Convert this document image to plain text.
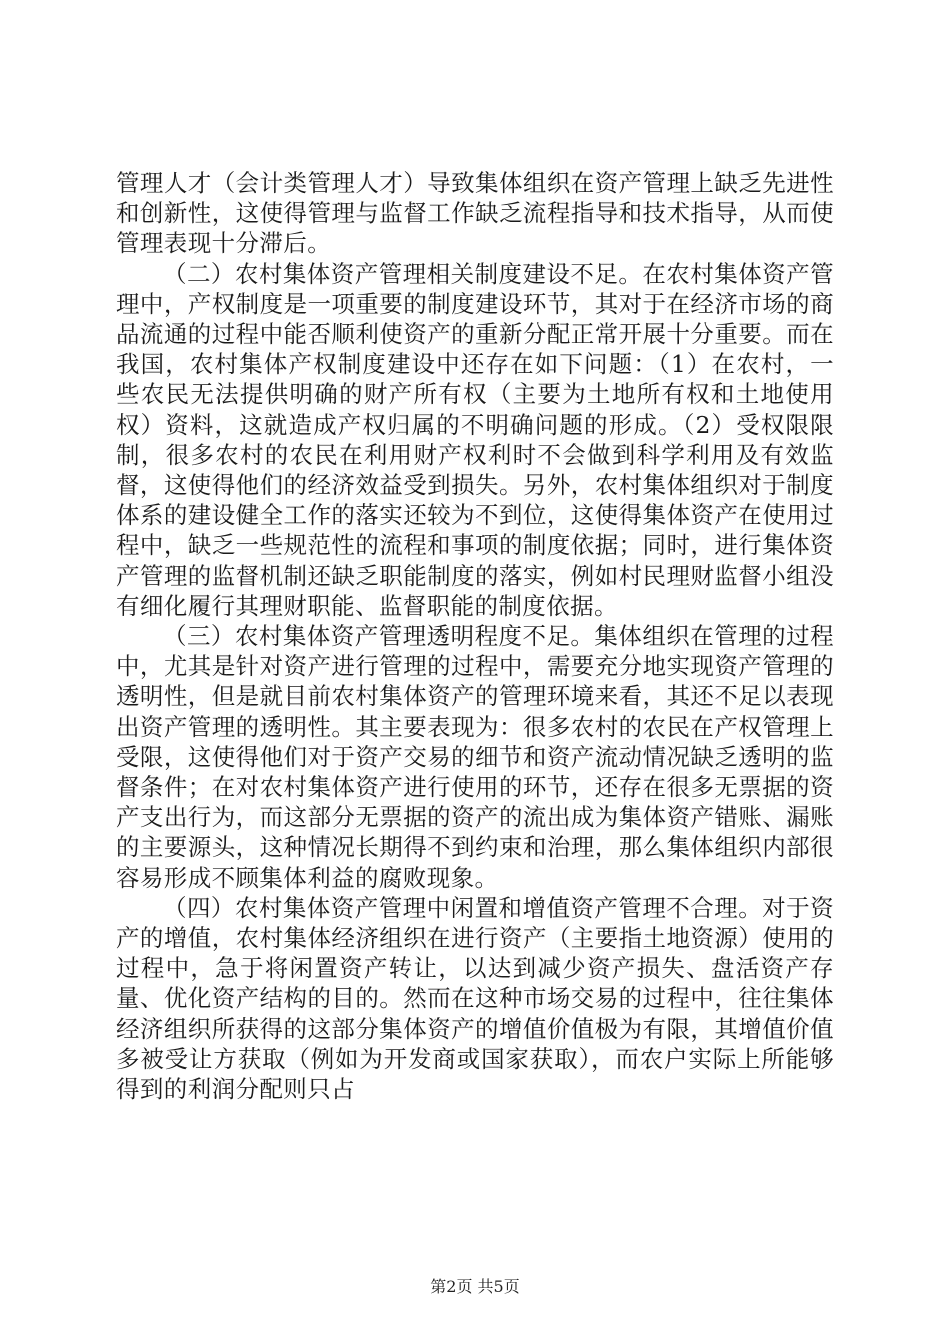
管理人才（会计类管理人才）导致集体组织在资产管理上缺乏先进性和创新性，这使得管理与监督工作缺乏流程指导和技术指导，从而使管理表现十分滞后。

（二）农村集体资产管理相关制度建设不足。在农村集体资产管理中，产权制度是一项重要的制度建设环节，其对于在经济市场的商品流通的过程中能否顺利使资产的重新分配正常开展十分重要。而在我国，农村集体产权制度建设中还存在如下问题：（1）在农村，一些农民无法提供明确的财产所有权（主要为土地所有权和土地使用权）资料，这就造成产权归属的不明确问题的形成。（2）受权限限制，很多农村的农民在利用财产权利时不会做到科学利用及有效监督，这使得他们的经济效益受到损失。另外，农村集体组织对于制度体系的建设健全工作的落实还较为不到位，这使得集体资产在使用过程中，缺乏一些规范性的流程和事项的制度依据；同时，进行集体资产管理的监督机制还缺乏职能制度的落实，例如村民理财监督小组没有细化履行其理财职能、监督职能的制度依据。

（三）农村集体资产管理透明程度不足。集体组织在管理的过程中，尤其是针对资产进行管理的过程中，需要充分地实现资产管理的透明性，但是就目前农村集体资产的管理环境来看，其还不足以表现出资产管理的透明性。其主要表现为：很多农村的农民在产权管理上受限，这使得他们对于资产交易的细节和资产流动情况缺乏透明的监督条件；在对农村集体资产进行使用的环节，还存在很多无票据的资产支出行为，而这部分无票据的资产的流出成为集体资产错账、漏账的主要源头，这种情况长期得不到约束和治理，那么集体组织内部很容易形成不顾集体利益的腐败现象。

（四）农村集体资产管理中闲置和增值资产管理不合理。对于资产的增值，农村集体经济组织在进行资产（主要指土地资源）使用的过程中，急于将闲置资产转让，以达到减少资产损失、盘活资产存量、优化资产结构的目的。然而在这种市场交易的过程中，往往集体经济组织所获得的这部分集体资产的增值价值极为有限，其增值价值多被受让方获取（例如为开发商或国家获取），而农户实际上所能够得到的利润分配则只占

第2页 共5页
